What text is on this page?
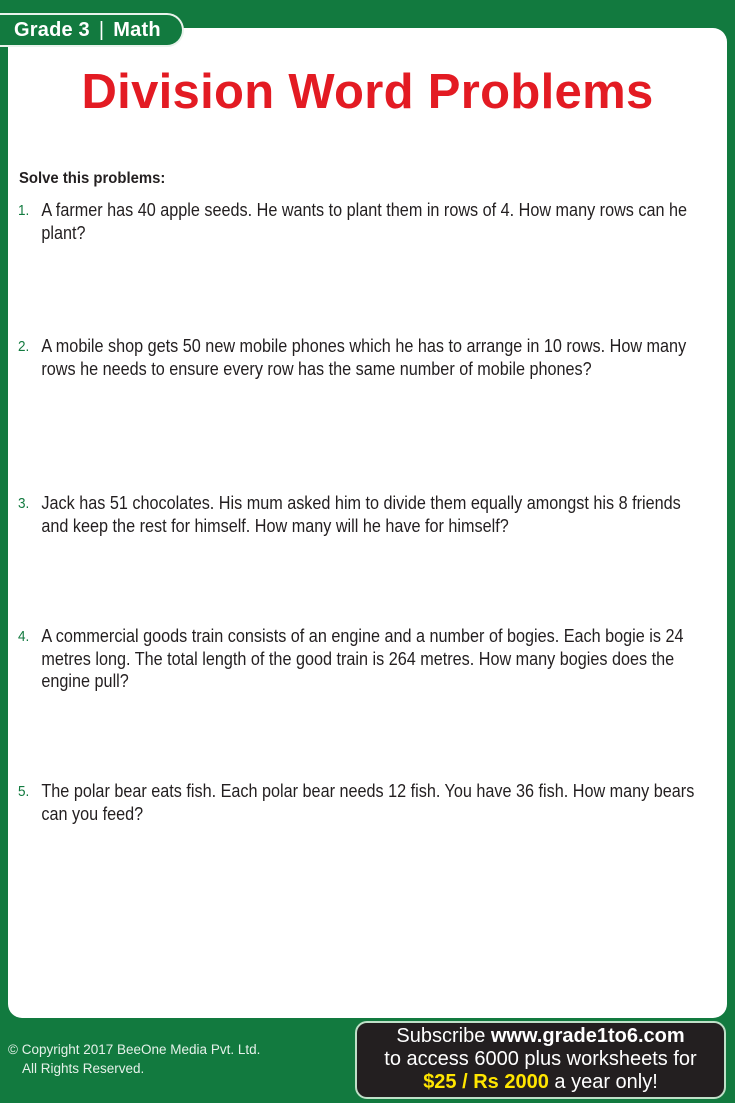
Grade 3 | Math
Division Word Problems
Solve this problems:
1. A farmer has 40 apple seeds. He wants to plant them in rows of 4. How many rows can he plant?
2. A mobile shop gets 50 new mobile phones which he has to arrange in 10 rows. How many rows he needs to ensure every row has the same number of mobile phones?
3. Jack has 51 chocolates. His mum asked him to divide them equally amongst his 8 friends and keep the rest for himself. How many will he have for himself?
4. A commercial goods train consists of an engine and a number of bogies. Each bogie is 24 metres long. The total length of the good train is 264 metres. How many bogies does the engine pull?
5. The polar bear eats fish. Each polar bear needs 12 fish. You have 36 fish. How many bears can you feed?
© Copyright 2017 BeeOne Media Pvt. Ltd.
All Rights Reserved.
Subscribe www.grade1to6.com
to access 6000 plus worksheets for
$25 / Rs 2000 a year only!
